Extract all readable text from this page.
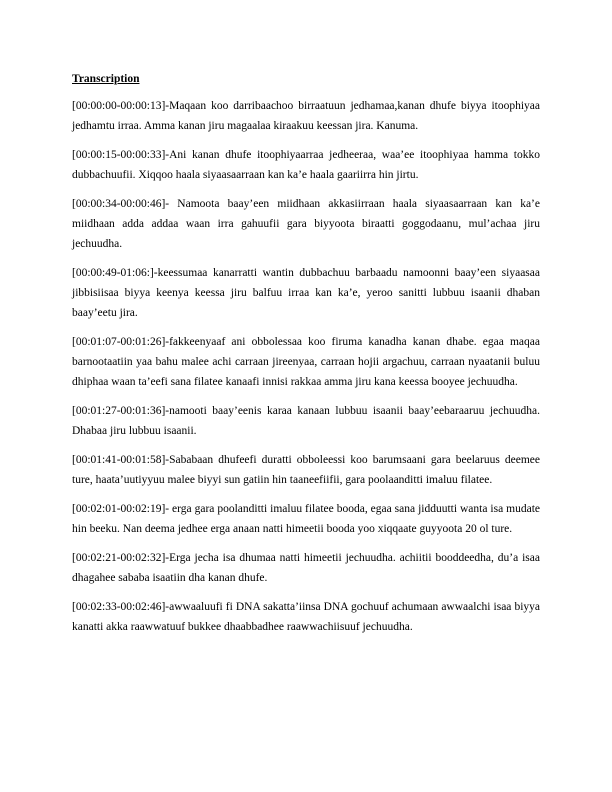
Transcription

[00:00:00-00:00:13]-Maqaan koo darribaachoo birraatuun jedhamaa,kanan dhufe biyya itoophiyaa jedhamtu irraa. Amma kanan jiru magaalaa kiraakuu keessan jira. Kanuma.

[00:00:15-00:00:33]-Ani kanan dhufe itoophiyaarraa jedheeraa, waa’ee itoophiyaa hamma tokko dubbachuufii. Xiqqoo haala siyaasaarraan kan ka’e haala gaariirra hin jirtu.

[00:00:34-00:00:46]- Namoota baay’een miidhaan akkasiirraan haala siyaasaarraan kan ka’e miidhaan adda addaa waan irra gahuufii gara biyyoota biraatti goggodaanu, mul’achaa jiru jechuudha.

[00:00:49-01:06:]-keessumaa kanarratti wantin dubbachuu barbaadu namoonni baay’een siyaasaa jibbisiisaa biyya keenya keessa jiru balfuu irraa kan ka’e, yeroo sanitti lubbuu isaanii dhaban baay’eetu jira.

[00:01:07-00:01:26]-fakkeenyaaf ani obbolessaa koo firuma kanadha kanan dhabe. egaa maqaa barnootaatiin yaa bahu malee achi carraan jireenyaa, carraan hojii argachuu, carraan nyaatanii buluu dhiphaa waan ta’eefi sana filatee kanaafi innisi rakkaa amma jiru kana keessa booyee jechuudha.

[00:01:27-00:01:36]-namooti baay’eenis karaa kanaan lubbuu isaanii baay’eebaraaruu jechuudha. Dhabaa jiru lubbuu isaanii.

[00:01:41-00:01:58]-Sababaan dhufeefi duratti obboleessi koo barumsaani gara beelaruus deemee ture, haata’uutiyyuu malee biyyi sun gatiin hin taaneefiifii, gara poolaanditti imaluu filatee.

[00:02:01-00:02:19]- erga gara poolanditti imaluu filatee booda, egaa sana jidduutti wanta isa mudate hin beeku. Nan deema jedhee erga anaan natti himeetii booda yoo xiqqaate guyyoota 20 ol ture.

[00:02:21-00:02:32]-Erga jecha isa dhumaa natti himeetii jechuudha. achiitii booddeedha, du’a isaa dhagahee sababa isaatiin dha kanan dhufe.

[00:02:33-00:02:46]-awwaaluufi fi DNA sakatta’iinsa DNA gochuuf achumaan awwaalchi isaa biyya kanatti akka raawwatuuf bukkee dhaabbadhee raawwachiisuuf jechuudha.
